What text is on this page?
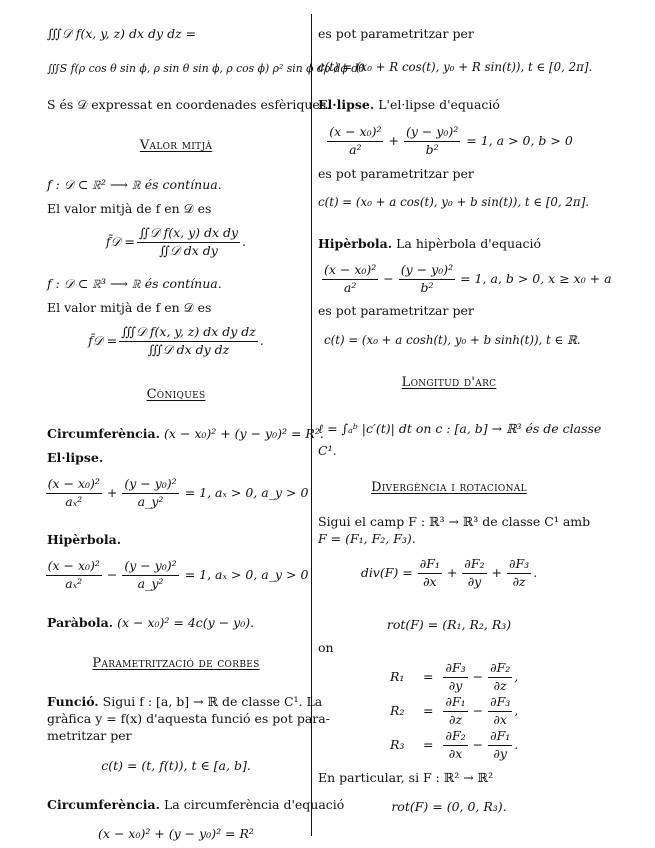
∭𝒟 f(x, y, z) dx dy dz =
∭S f(ρ cos θ sin ϕ, ρ sin θ sin ϕ, ρ cos ϕ) ρ² sin ϕ dρ dϕ dθ
S és 𝒟 expressat en coordenades esfèriques.
Valor mitjà
f : 𝒟 ⊂ ℝ² ⟶ ℝ és contínua.
El valor mitjà de f en 𝒟 es
f̄𝒟 = $\frac{\text{∬𝒟 f(x, y) dx dy}}{\text{∬𝒟 dx dy}}$ .
f : 𝒟 ⊂ ℝ³ ⟶ ℝ és contínua.
El valor mitjà de f en 𝒟 es
f̄𝒟 = $\frac{\text{∭𝒟 f(x, y, z) dx dy dz}}{\text{∭𝒟 dx dy dz}}$ .
Còniques
Circumferència. (x − x₀)² + (y − y₀)² = R².
El·lipse.
$\frac{\text{(x − x₀)²}}{\text{aₓ²}} + \frac{\text{(y − y₀)²}}{\text{a\_y²}} = 1$, aₓ > 0, a_y > 0
Hipèrbola.
$\frac{\text{(x − x₀)²}}{\text{aₓ²}} - \frac{\text{(y − y₀)²}}{\text{a\_y²}} = 1$, aₓ > 0, a_y > 0
Paràbola. (x − x₀)² = 4c(y − y₀).
Parametrització de corbes
Funció. Sigui f : [a, b] → ℝ de classe C¹. La
gràfica y = f(x) d'aquesta funció es pot para-
metritzar per
c(t) = (t, f(t)), t ∈ [a, b].
Circumferència. La circumferència d'equació
(x − x₀)² + (y − y₀)² = R²
es pot parametritzar per
c(t) = (x₀ + R cos(t), y₀ + R sin(t)), t ∈ [0, 2π].
El·lipse. L'el·lipse d'equació
$\frac{\text{(x − x₀)²}}{\text{a²}} + \frac{\text{(y − y₀)²}}{\text{b²}} = 1$, a > 0, b > 0
es pot parametritzar per
c(t) = (x₀ + a cos(t), y₀ + b sin(t)), t ∈ [0, 2π].
Hipèrbola. La hipèrbola d'equació
$\frac{\text{(x − x₀)²}}{\text{a²}} - \frac{\text{(y − y₀)²}}{\text{b²}} = 1$, a, b > 0, x ≥ x₀ + a
es pot parametritzar per
c(t) = (x₀ + a cosh(t), y₀ + b sinh(t)), t ∈ ℝ.
Longitud d'arc
ℓ = ∫ₐᵇ |c′(t)| dt on c : [a, b] → ℝ³ és de classe
C¹.
Divergència i rotacional
Sigui el camp F : ℝ³ → ℝ³ de classe C¹ amb
F = (F₁, F₂, F₃).
$div(F) = \frac{\text{∂F₁}}{\partial x} + \frac{\text{∂F₂}}{\partial y} + \frac{\text{∂F₃}}{\partial z}$ .
rot(F) = (R₁, R₂, R₃)
on
R₁	= $\frac{\text{∂F₃}}{\partial y} - \frac{\text{∂F₂}}{\partial z}$ ,
R₂	= $\frac{\text{∂F₁}}{\partial z} - \frac{\text{∂F₃}}{\partial x}$ ,
R₃	= $\frac{\text{∂F₂}}{\partial x} - \frac{\text{∂F₁}}{\partial y}$ .
En particular, si F : ℝ² → ℝ²
rot(F) = (0, 0, R₃).
